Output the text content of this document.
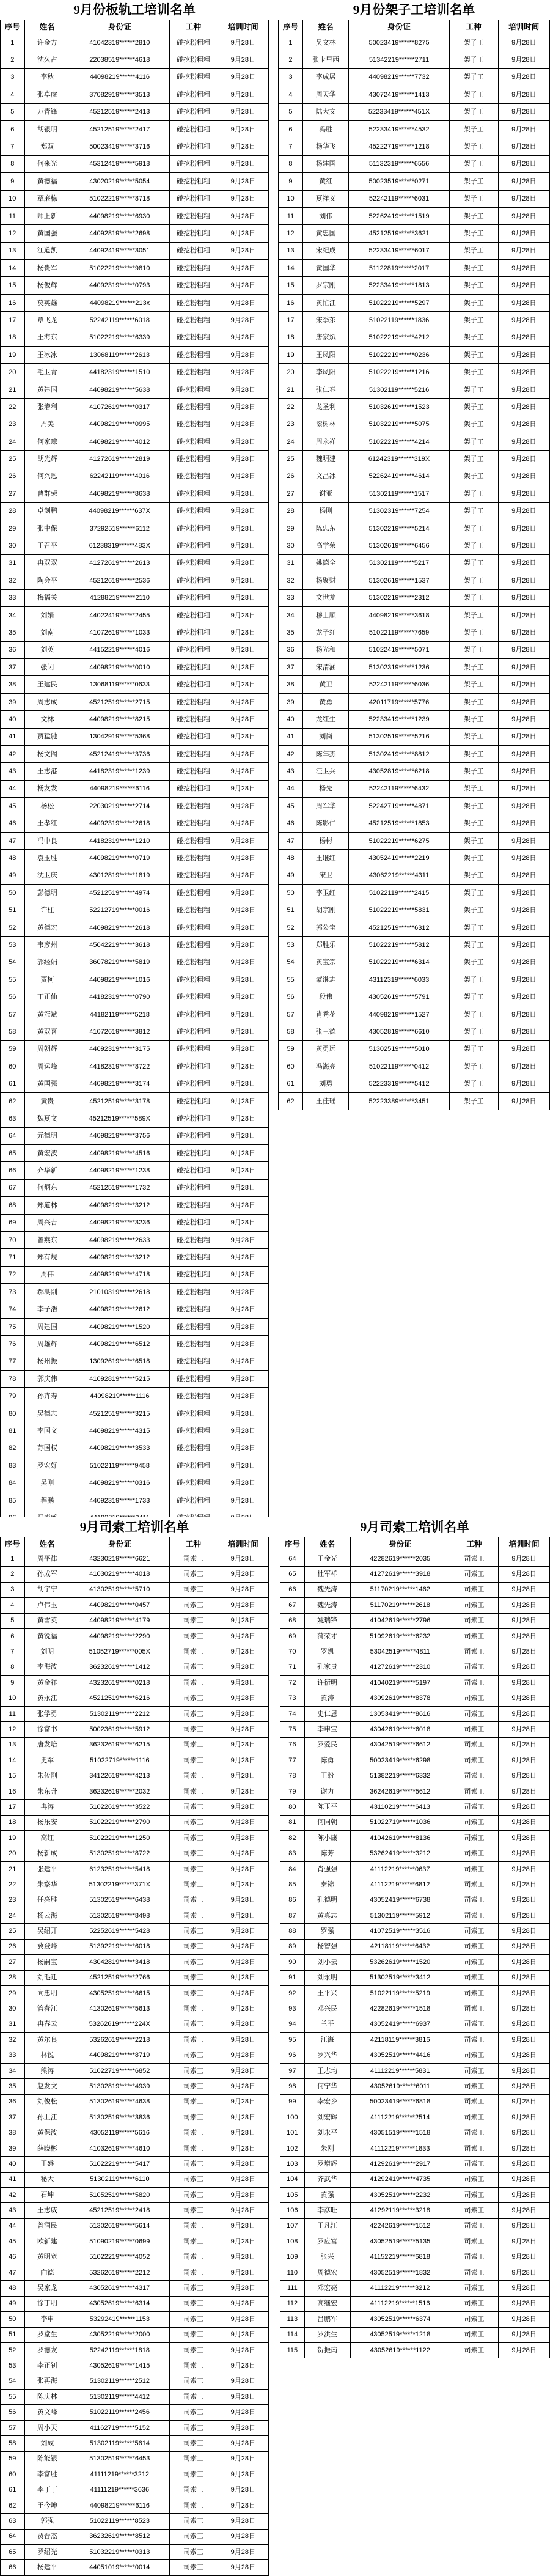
9月份板轨工培训名单
序号	姓名	身份证	工种	培训时间
1	许金方	41042319******2810	碰挖粉粗粗	9月28日
2	沈久占	22038519******4618	碰挖粉粗粗	9月28日
3	李秋	44098219******4116	碰挖粉粗粗	9月28日
4	张卓虎	37082919******3513	碰挖粉粗粗	9月28日
5	万青锋	45212519******2413	碰挖粉粗粗	9月28日
6	胡银明	45212519******2417	碰挖粉粗粗	9月28日
7	郑双	50023419******3716	碰挖粉粗粗	9月28日
8	何来光	45312419******5918	碰挖粉粗粗	9月28日
9	黄德福	43020219******5054	碰挖粉粗粗	9月28日
10	覃廉栋	51022219******8718	碰挖粉粗粗	9月28日
11	师上新	44098219******6930	碰挖粉粗粗	9月28日
12	黄国强	44092819******2698	碰挖粉粗粗	9月28日
13	江道凯	44092419******3051	碰挖粉粗粗	9月28日
14	杨贵军	51022219******9810	碰挖粉粗粗	9月28日
15	杨俊辉	44092319******0793	碰挖粉粗粗	9月28日
16	莫英雄	44098219******213x	碰挖粉粗粗	9月28日
17	覃飞龙	52242119******6018	碰挖粉粗粗	9月28日
18	王海东	51022219******6339	碰挖粉粗粗	9月28日
19	王冰冰	13068119******2613	碰挖粉粗粗	9月28日
20	毛卫青	44182319******1510	碰挖粉粗粗	9月28日
21	黄建国	44098219******5638	碰挖粉粗粗	9月28日
22	张增利	41072619******0317	碰挖粉粗粗	9月28日
23	周美	44098219******0995	碰挖粉粗粗	9月28日
24	何家琼	44098219******4012	碰挖粉粗粗	9月28日
25	胡光辉	41272619******2819	碰挖粉粗粗	9月28日
26	何兴恩	62242119******4016	碰挖粉粗粗	9月28日
27	曹群荣	44098219******8638	碰挖粉粗粗	9月28日
28	卓剑鹏	44098219******637X	碰挖粉粗粗	9月28日
29	张中保	37292519******6112	碰挖粉粗粗	9月28日
30	王召平	61238319******483X	碰挖粉粗粗	9月28日
31	冉双双	41272619******2613	碰挖粉粗粗	9月28日
32	陶会平	45212619******2536	碰挖粉粗粗	9月28日
33	梅福关	41288219******2110	碰挖粉粗粗	9月28日
34	刘娟	44022419******2455	碰挖粉粗粗	9月28日
35	刘南	41072619******1033	碰挖粉粗粗	9月28日
36	刘英	44152219******4016	碰挖粉粗粗	9月28日
37	张闭	44098219******0010	碰挖粉粗粗	9月28日
38	王建民	13068119******0633	碰挖粉粗粗	9月28日
39	周志成	45212519******2715	碰挖粉粗粗	9月28日
40	文林	44098219******8215	碰挖粉粗粗	9月28日
41	贾猛驰	13042919******5368	碰挖粉粗粗	9月28日
42	杨文阁	45212419******3736	碰挖粉粗粗	9月28日
43	王志港	44182319******1239	碰挖粉粗粗	9月28日
44	杨友发	44098219******6116	碰挖粉粗粗	9月28日
45	杨松	22030219******2714	碰挖粉粗粗	9月28日
46	王孝红	44092319******2618	碰挖粉粗粗	9月28日
47	冯中良	44182319******1210	碰挖粉粗粗	9月28日
48	袁玉胜	44098219******0719	碰挖粉粗粗	9月28日
49	沈卫庆	43012819******1819	碰挖粉粗粗	9月28日
50	彭德明	45212519******4974	碰挖粉粗粗	9月28日
51	许柱	52212719******0016	碰挖粉粗粗	9月28日
52	黄德宏	44098219******2618	碰挖粉粗粗	9月28日
53	韦彦州	45042219******3618	碰挖粉粗粗	9月28日
54	郭经娟	36078219******5819	碰挖粉粗粗	9月28日
55	贾柯	44098219******1016	碰挖粉粗粗	9月28日
56	丁正仙	44182319******0790	碰挖粉粗粗	9月28日
57	黄冠斌	44182119******5218	碰挖粉粗粗	9月28日
58	黄双喜	41072619******3812	碰挖粉粗粗	9月28日
59	周朝辉	44092319******3175	碰挖粉粗粗	9月28日
60	周运峰	44182319******8722	碰挖粉粗粗	9月28日
61	黄国强	44098219******3174	碰挖粉粗粗	9月28日
62	黄贵	45212519******3178	碰挖粉粗粗	9月28日
63	魏夏文	45212519******589X	碰挖粉粗粗	9月28日
64	元德明	44098219******3756	碰挖粉粗粗	9月28日
65	黄宏波	44098219******4516	碰挖粉粗粗	9月28日
66	齐华新	44098219******1238	碰挖粉粗粗	9月28日
67	何炳东	45212519******1732	碰挖粉粗粗	9月28日
68	郑道林	44098219******3212	碰挖粉粗粗	9月28日
69	周兴吉	44098219******3236	碰挖粉粗粗	9月28日
70	曾燕东	44098219******2633	碰挖粉粗粗	9月28日
71	郑有规	44098219******3212	碰挖粉粗粗	9月28日
72	周伟	44098219******4718	碰挖粉粗粗	9月28日
73	郝洪刚	21010319******2618	碰挖粉粗粗	9月28日
74	李子浩	44098219******2612	碰挖粉粗粗	9月28日
75	周建国	44098219******1520	碰挖粉粗粗	9月28日
76	周雄辉	44098219******6512	碰挖粉粗粗	9月28日
77	杨州振	13092619******6518	碰挖粉粗粗	9月28日
78	郭庆伟	41092819******5215	碰挖粉粗粗	9月28日
79	孙卉寿	44098219******1116	碰挖粉粗粗	9月28日
80	吴德志	45212519******3215	碰挖粉粗粗	9月28日
81	李国文	44098219******4315	碰挖粉粗粗	9月28日
82	苏国权	44098219******3533	碰挖粉粗粗	9月28日
83	罗宏好	51022119******9458	碰挖粉粗粗	9月28日
84	吴刚	44098219******0316	碰挖粉粗粗	9月28日
85	程鹏	44092319******1733	碰挖粉粗粗	9月28日

9月份架子工培训名单
序号	姓名	身份证	工种	培训时间
1	吴文林	50023419******8275	架子工	9月28日
2	张卡里西	51342219******2711	架子工	9月28日
3	李成居	44098219******7732	架子工	9月28日
4	周天华	43072419******1413	架子工	9月28日
5	陆大文	52233419******451X	架子工	9月28日
6	冯胜	52233419******4532	架子工	9月28日
7	杨华飞	45222719******1218	架子工	9月28日
8	杨建国	51132319******6556	架子工	9月28日
9	黄红	50023519******0271	架子工	9月28日
10	夏祥义	52242119******6031	架子工	9月28日
11	刘伟	52262419******1519	架子工	9月28日
12	黄忠国	45212519******3621	架子工	9月28日
13	宋纪成	52233419******6017	架子工	9月28日
14	黄国华	51122819******2017	架子工	9月28日
15	罗宗刚	52233419******1813	架子工	9月28日
16	黄忙江	51022219******5297	架子工	9月28日
17	宋季东	51022119******1836	架子工	9月28日
18	唐家斌	51022219******4212	架子工	9月28日
19	王凤阳	51022219******0236	架子工	9月28日
20	李凤阳	51022219******1216	架子工	9月28日
21	张仁春	51302119******5216	架子工	9月28日
22	龙圣利	51032619******1523	架子工	9月28日
23	漆树林	51032219******5075	架子工	9月28日
24	周永祥	51022219******4214	架子工	9月28日
25	魏明建	61242319******319X	架子工	9月28日
26	文昌冰	52262419******4614	架子工	9月28日
27	谢亚	51302119******1517	架子工	9月28日
28	杨刚	51302319******7254	架子工	9月28日
29	陈忠东	51302219******5214	架子工	9月28日
30	高学荣	51302619******6456	架子工	9月28日
31	姚德全	51302119******5217	架子工	9月28日
32	杨聚财	51302619******1537	架子工	9月28日
33	文世龙	51302219******2312	架子工	9月28日
34	穆士顺	44098219******3618	架子工	9月28日
35	龙子红	51022119******7659	架子工	9月28日
36	杨光和	51022419******5071	架子工	9月28日
37	宋清涵	51302319******1236	架子工	9月28日
38	黄卫	52242119******6036	架子工	9月28日
39	黄勇	42011719******5776	架子工	9月28日
40	龙红生	52233419******1239	架子工	9月28日
41	刘岗	51302519******5216	架子工	9月28日
42	陈年杰	51302419******8812	架子工	9月28日
43	汪卫兵	43052819******6218	架子工	9月28日
44	杨先	52242119******6432	架子工	9月28日
45	周军华	52242719******4871	架子工	9月28日
46	陈影仁	45212519******1853	架子工	9月28日
47	杨彬	51022219******6275	架子工	9月28日
48	王继红	43052419******2219	架子工	9月28日
49	宋卫	43062219******4311	架子工	9月28日
50	李卫红	51022119******2415	架子工	9月28日
51	胡宗刚	51022219******5831	架子工	9月28日
52	郭公宝	45212519******6312	架子工	9月28日
53	郑胜乐	51022219******5812	架子工	9月28日
54	黄宝宗	51022219******6314	架子工	9月28日
55	蒙继志	43112319******6033	架子工	9月28日
56	段伟	43052619******5791	架子工	9月28日
57	肖秀花	44098219******1527	架子工	9月28日
58	张三德	43052819******6610	架子工	9月28日
59	黄勇远	51302519******5010	架子工	9月28日
60	冯海亮	51022119******0412	架子工	9月28日
61	刘勇	52223319******5412	架子工	9月28日
62	王佳瑶	52223389******3451	架子工	9月28日
9月司索工培训名单
序号	姓名	身份证	工种	培训时间
1	周平律	43230219******6621	司索工	9月28日
2	孙成军	41030219******4018	司索工	9月28日
3	胡宇宁	41302519******5710	司索工	9月28日
4	卢伟玉	44098219******0457	司索工	9月28日
5	黄雪英	44098219******4179	司索工	9月28日
6	黄锐福	44098219******2290	司索工	9月28日
7	刘明	51052719******005X	司索工	9月28日
8	李海波	36232619******1412	司索工	9月28日
9	黄金祥	43232619******0218	司索工	9月28日
10	黄永江	45212519******6216	司索工	9月28日
11	张学勇	51302119******2212	司索工	9月28日
12	徐富书	50023619******5912	司索工	9月28日
13	唐发培	36232619******6215	司索工	9月28日
14	史军	51022719******1116	司索工	9月28日
15	朱传刚	34122619******4213	司索工	9月28日
16	朱东升	36232619******2032	司索工	9月28日
17	冉涛	51022619******3522	司索工	9月28日
18	杨乐安	51022219******2790	司索工	9月28日
19	高红	51022219******1250	司索工	9月28日
20	杨新成	51302519******8722	司索工	9月28日
21	张建平	61232519******5418	司索工	9月28日
22	朱察华	51302219******371X	司索工	9月28日
23	任亮胜	51302519******6438	司索工	9月28日
24	杨云海	51302519******8498	司索工	9月28日
25	吴绍开	52252619******5428	司索工	9月28日
26	冀登峰	51392219******6018	司索工	9月28日
27	杨嗣宝	43042819******3418	司索工	9月28日
28	刘毛迁	45212519******2766	司索工	9月28日
29	向忠明	43052519******6615	司索工	9月28日
30	管春江	41302619******5613	司索工	9月28日
31	冉春云	53262619******224X	司索工	9月28日
32	黄尔良	53262619******2218	司索工	9月28日
33	林锐	44098219******8719	司索工	9月28日
34	熊涛	51022719******6852	司索工	9月28日
35	赵发文	51302819******4939	司索工	9月28日
36	刘俊松	51302619******4638	司索工	9月28日
37	孙卫江	51302519******3836	司索工	9月28日
38	黄保波	43052119******5616	司索工	9月28日
39	薛晓彬	41032619******4610	司索工	9月28日
40	王盛	51022219******5417	司索工	9月28日
41	秘大	51302119******6110	司索工	9月28日
42	石坤	51052519******5820	司索工	9月28日
43	王志威	45212519******2418	司索工	9月28日
44	曾润民	51302619******5614	司索工	9月28日
45	欧新建	51090219******0699	司索工	9月28日
46	黄明宽	51022219******4052	司索工	9月28日
47	向德	53262619******2212	司索工	9月28日
48	吴家龙	43052619******4317	司索工	9月28日
49	徐丁明	43052619******6314	司索工	9月28日
50	李申	53292419******1153	司索工	9月28日
51	罗堂生	43052219******2000	司索工	9月28日
52	罗德友	52242119******1818	司索工	9月28日
53	李正钊	43052619******1415	司索工	9月28日
54	张再海	51302119******2512	司索工	9月28日
55	陈庆林	51302119******4412	司索工	9月28日
56	黄文峰	51022119******2456	司索工	9月28日
57	周小天	41162719******5152	司索工	9月28日
58	刘成	51302119******5614	司索工	9月28日
59	陈能银	51302519******6453	司索工	9月28日
60	李富胜	41111219******3212	司索工	9月28日
61	李丁丁	41111219******3636	司索工	9月28日
62	王今坤	44098219******6116	司索工	9月28日
63	郭强	51022119******8523	司索工	9月28日
64	贾晋杰	36232619******8512	司索工	9月28日
65	罗绍光	51032219******0313	司索工	9月28日
66	杨建平	44051019******0014	司索工	9月28日
9月司索工培训名单
序号	姓名	身份证	工种	培训时间
64	王金光	42282619******2035	司索工	9月28日
65	杜军祥	41272619******3918	司索工	9月28日
66	魏先涛	51170219******1462	司索工	9月28日
67	魏先涛	51170219******2618	司索工	9月28日
68	姚瑞锋	41042619******2796	司索工	9月28日
69	蒲荣才	51092619******6232	司索工	9月28日
70	罗凯	53042519******4811	司索工	9月28日
71	孔家贵	41272619******2310	司索工	9月28日
72	许衍明	41040219******5197	司索工	9月28日
73	黄涛	43092619******8378	司索工	9月28日
74	史仁恩	13053419******8616	司索工	9月28日
75	李申宝	43042619******6018	司索工	9月28日
76	罗爱民	43042519******6612	司索工	9月28日
77	陈勇	50023419******6298	司索工	9月28日
78	王盼	51382219******6332	司索工	9月28日
79	谢力	36242619******5612	司索工	9月28日
80	陈玉平	43110219******6413	司索工	9月28日
81	何同朝	51022719******1036	司索工	9月28日
82	陈小康	41042619******8136	司索工	9月28日
83	陈芳	53262419******3212	司索工	9月28日
84	肖强强	41112219******0637	司索工	9月28日
85	秦锦	41112219******6812	司索工	9月28日
86	孔德明	43052419******6738	司索工	9月28日
87	黄真志	51302119******5912	司索工	9月28日
88	罗强	41072519******3516	司索工	9月28日
89	杨智强	42118119******6432	司索工	9月28日
90	刘小云	53262619******1520	司索工	9月28日
91	刘永明	51302519******3412	司索工	9月28日
92	王平兴	51022119******5219	司索工	9月28日
93	邓兴民	42282619******1518	司索工	9月28日
94	兰平	43052419******6937	司索工	9月28日
95	江海	42118119******3816	司索工	9月28日
96	罗兴华	43052519******4416	司索工	9月28日
97	王志均	41112219******5831	司索工	9月28日
98	何宁华	43052619******6011	司索工	9月28日
99	李宏乡	50023419******6818	司索工	9月28日
100	刘宏辉	41112219******2514	司索工	9月28日
101	刘永平	43051519******1518	司索工	9月28日
102	朱刚	41112219******1833	司索工	9月28日
103	罗增辉	41292619******2917	司索工	9月28日
104	齐武华	41292419******4735	司索工	9月28日
105	黄强	43052519******2232	司索工	9月28日
106	李彦旺	41292119******3218	司索工	9月28日
107	王凡江	42242619******1512	司索工	9月28日
108	罗应富	43052519******5135	司索工	9月28日
109	张兴	41152219******6818	司索工	9月28日
110	周德宏	43052519******1832	司索工	9月28日
111	邓宏亮	41112219******3212	司索工	9月28日
112	高继宏	41112219******1516	司索工	9月28日
113	吕鹏军	43052519******6374	司索工	9月28日
114	罗洪生	43052519******1218	司索工	9月28日
115	贺振南	43052619******1122	司索工	9月28日
